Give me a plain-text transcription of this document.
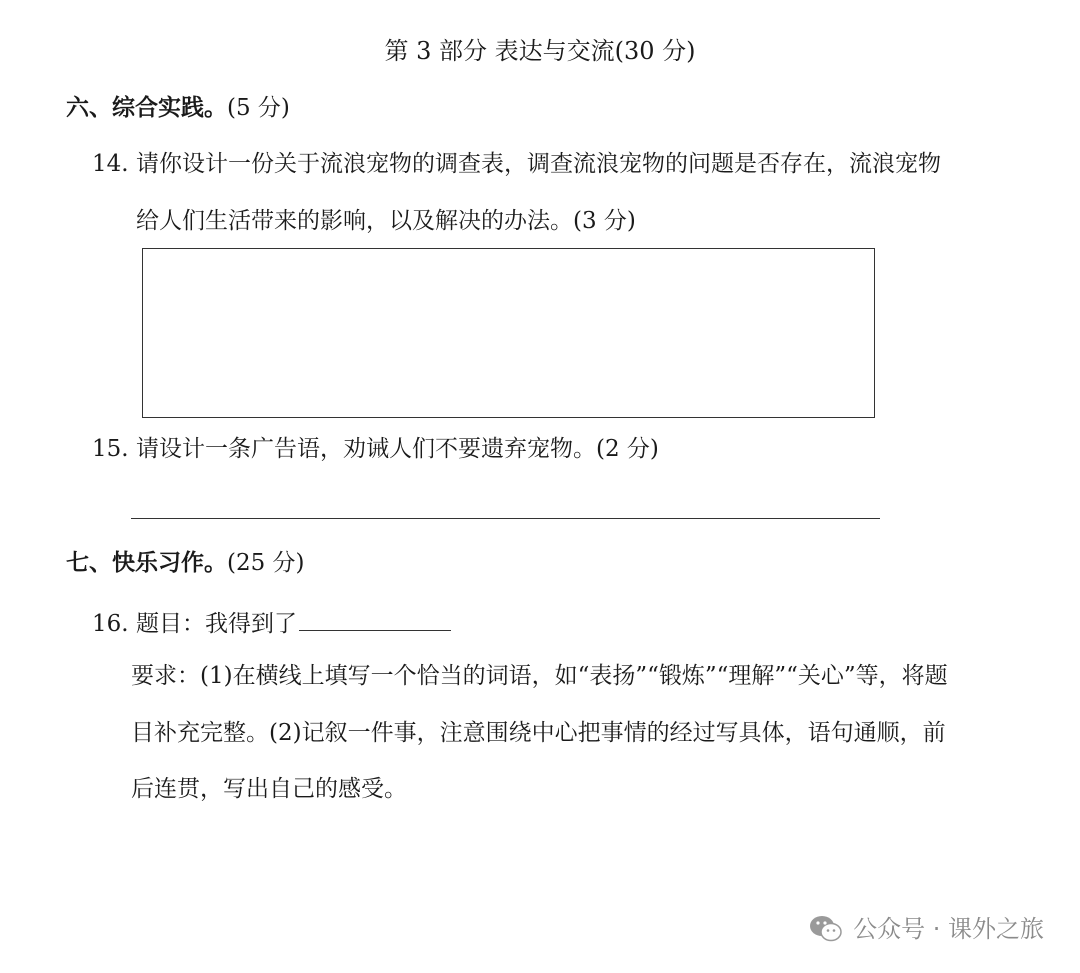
第 3 部分 表达与交流(30 分)
六、综合实践。(5 分)
14. 请你设计一份关于流浪宠物的调查表，调查流浪宠物的问题是否存在，流浪宠物
给人们生活带来的影响，以及解决的办法。(3 分)
15. 请设计一条广告语，劝诫人们不要遗弃宠物。(2 分)
七、快乐习作。(25 分)
16. 题目：我得到了
要求：(1)在横线上填写一个恰当的词语，如“表扬”“锻炼”“理解”“关心”等，将题
目补充完整。(2)记叙一件事，注意围绕中心把事情的经过写具体，语句通顺，前
后连贯，写出自己的感受。
公众号 · 课外之旅
